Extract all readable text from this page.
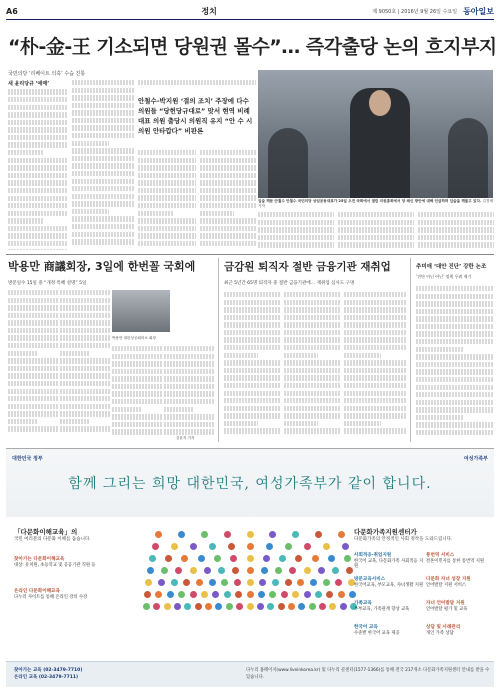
A6	정치	제 9050호 | 2016년 9월 26일 수요일 동아일보
“朴-金-王 기소되면 당원권 몰수”… 즉각출당 논의 흐지부지
국민의당 ‘리베이트 의혹’ 수습 진통
새 윤리당규 ‘애매’
안철수-박지원 ‘결의 조치’ 주장에 다수 의원들 “당헌당규대로” 맞서 현역 비례대표 의원 출당시 의원직 유지 “안 수 시의원 안타깝다” 비판론
입술 깨문 안철수 안철수 국민의당 상임공동대표가 25일 오전 국회에서 열린 의원총회에서 당 쇄신 방안에 대해 언급하며 입술을 깨물고 있다. 김경제 기자
박용만 商議회장, 3일에 한번꼴 국회에
방문일수 15일 중 “개정 특혜 설명” 5일
박용만 대한상공회의소 회장
김윤지 기자
금감원 퇴직자 절반 금융기관 재취업
최근 5년간 65명 퇴직자 중 절반 금융기관에… 재취업 심사도 구멍
추미애 ‘대안 진단’ 강한 논조
‘진단 아닌 아닌’ 정책 우려 제기
대한민국 정부	여성가족부
함께 그리는 희망 대한민국, 여성가족부가 같이 합니다.
「다문화이해교육」의
국민 여러분의 다문화 이해를 돕습니다.
다문화가족지원센터가
다문화가족의 안정적인 사회 정착을 도와드립니다.
찾아가는 다문화이해교육
대상: 유치원, 초등학교 및 공공기관 직원 등
온라인 다문화이해교육
다누리 사이트를 통해 온라인 강의 수강
사회적응·취업지원
한국어 교육, 다문화가족 사회적응 지원
방문교육서비스
한국어교육, 부모교육, 자녀생활 지원
가족교육
부부교육, 가족관계 향상 교육
한국어 교육
수준별 한국어 교육 제공
통번역 서비스
결혼이민자를 통한 통번역 지원
다문화 자녀 성장 지원
언어발달 지원 서비스
자녀 언어발달 지원
언어발달 평가 및 교육
상담 및 사례관리
개인 가족 상담
찾아가는 교육 (02-3479-7710)
온라인 교육 (02-3479-7711)
다누리 홈페이지(www.liveinkorea.kr) 및 다누리 콜센터(1577-1366)를 통해 전국 217개소 다문화가족지원센터 안내를 받을 수 있습니다.
